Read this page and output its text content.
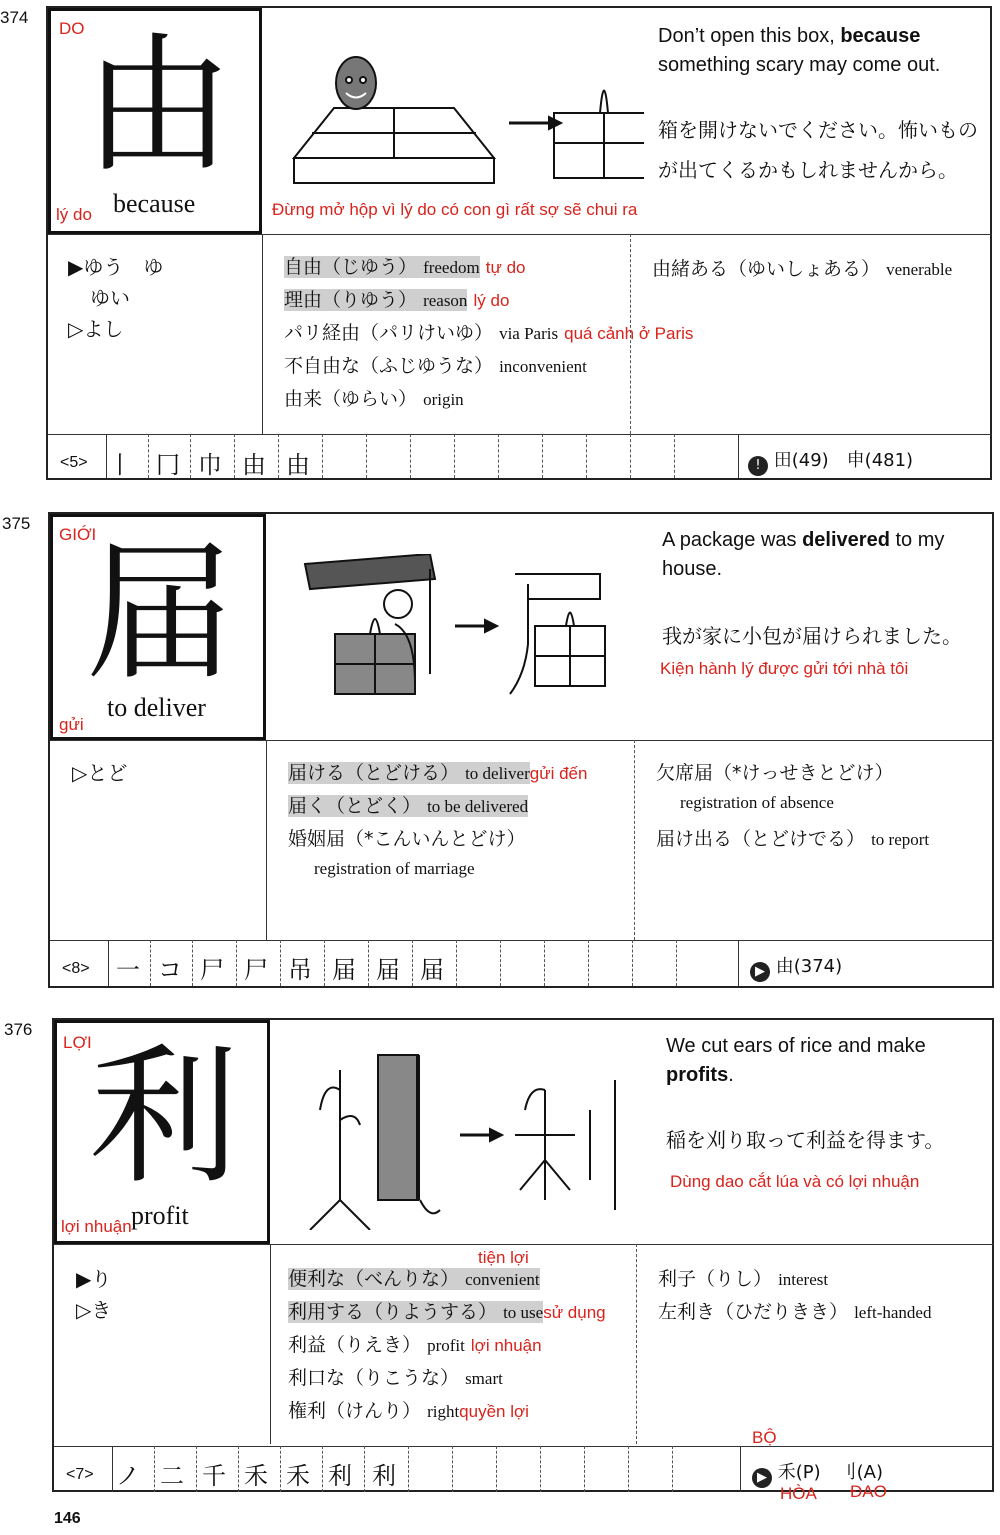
374
DO
由
lý do because
Don’t open this box, because something scary may come out.
箱を開けないでください。怖いものが出てくるかもしれませんから。
Đừng mở hộp vì lý do có con gì rất sợ sẽ chui ra
▶ゆう　ゆ
ゆい
▷よし
自由（じゆう） freedom tự do
理由（りゆう） reason lý do
パリ経由（パリけいゆ） via Paris quá cảnh ở Paris
不自由な（ふじゆうな） inconvenient
由来（ゆらい） origin
由緒ある（ゆいしょある） venerable
<5> 丨	冂 巾 由 由	! 田(49)　申(481)
375
GIỚI
届
to deliver
gửi
A package was delivered to my house.
我が家に小包が届けられました。
Kiện hành lý được gửi tới nhà tôi
▷とど	届ける（とどける） to delivergửi đến
届く（とどく） to be delivered
婚姻届（*こんいんとどけ）
registration of marriage
欠席届（*けっせきとどけ）
registration of absence
届け出る（とどけでる） to report
<8>	一 コ 尸 尸 吊 届 届 届	▶ 由(374)
376
LỢI
利
lợi nhuận profit
We cut ears of rice and make profits.
稲を刈り取って利益を得ます。
Dùng dao cắt lúa và có lợi nhuận
▶り
▷き
tiện lợi
便利な（べんりな） convenient
利用する（りようする） to usesử dụng
利益（りえき） profit lợi nhuận
利口な（りこうな） smart
権利（けんり） rightquyền lợi
利子（りし） interest
左利き（ひだりきき） left-handed
<7> ノ 二 千 禾 禾 利 利	▶ 禾(P)　刂(A)
BỘ
HÒA ĐAO
146
